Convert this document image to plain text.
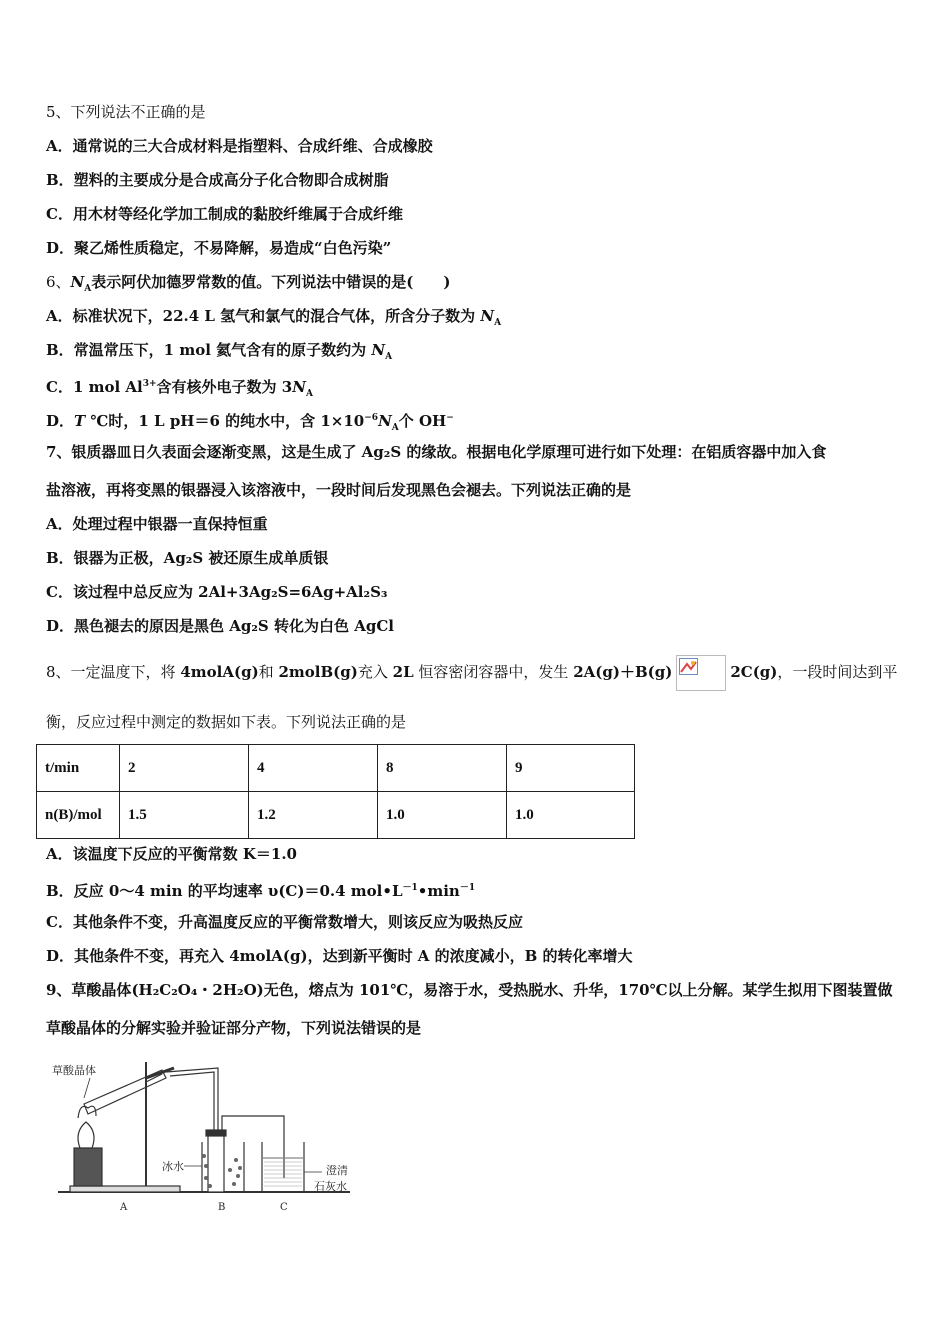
5、下列说法不正确的是
A．通常说的三大合成材料是指塑料、合成纤维、合成橡胶
B．塑料的主要成分是合成高分子化合物即合成树脂
C．用木材等经化学加工制成的黏胶纤维属于合成纤维
D．聚乙烯性质稳定，不易降解，易造成“白色污染”
6、$N_A$表示阿伏加德罗常数的值。下列说法中错误的是(　　)
A．标准状况下，22.4 L 氢气和氯气的混合气体，所含分子数为 $N_A$
B．常温常压下，1 mol 氦气含有的原子数约为 $N_A$
C．1 mol $Al^{3+}$含有核外电子数为 $3N_A$
D．T ℃时，1 L pH＝6 的纯水中，含 $1\times 10^{-6}N_A$个 OH−
7、银质器皿日久表面会逐渐变黑，这是生成了 Ag₂S 的缘故。根据电化学原理可进行如下处理：在铝质容器中加入食
盐溶液，再将变黑的银器浸入该溶液中，一段时间后发现黑色会褪去。下列说法正确的是
A．处理过程中银器一直保持恒重
B．银器为正极，Ag₂S 被还原生成单质银
C．该过程中总反应为 2Al+3Ag₂S=6Ag+Al₂S₃
D．黑色褪去的原因是黑色 Ag₂S 转化为白色 AgCl
8、一定温度下，将 4molA(g)和 2molB(g)充入 2L 恒容密闭容器中，发生 2A(g)＋B(g)	2C(g)，一段时间达到平
衡，反应过程中测定的数据如下表。下列说法正确的是
t/min	2	4	8	9
n(B)/mol	1.5	1.2	1.0	1.0
A．该温度下反应的平衡常数 K＝1.0
B．反应 0～4 min 的平均速率 υ(C)＝0.4 $mol•L^{-1}•\min^{-1}$
C．其他条件不变，升高温度反应的平衡常数增大，则该反应为吸热反应
D．其他条件不变，再充入 4molA(g)，达到新平衡时 A 的浓度减小，B 的转化率增大
9、草酸晶体(H₂C₂O₄・2H₂O)无色，熔点为 101℃，易溶于水，受热脱水、升华，170℃以上分解。某学生拟用下图装置做
草酸晶体的分解实验并验证部分产物，下列说法错误的是
草酸晶体
冰水	澄清
石灰水
A	B	C
